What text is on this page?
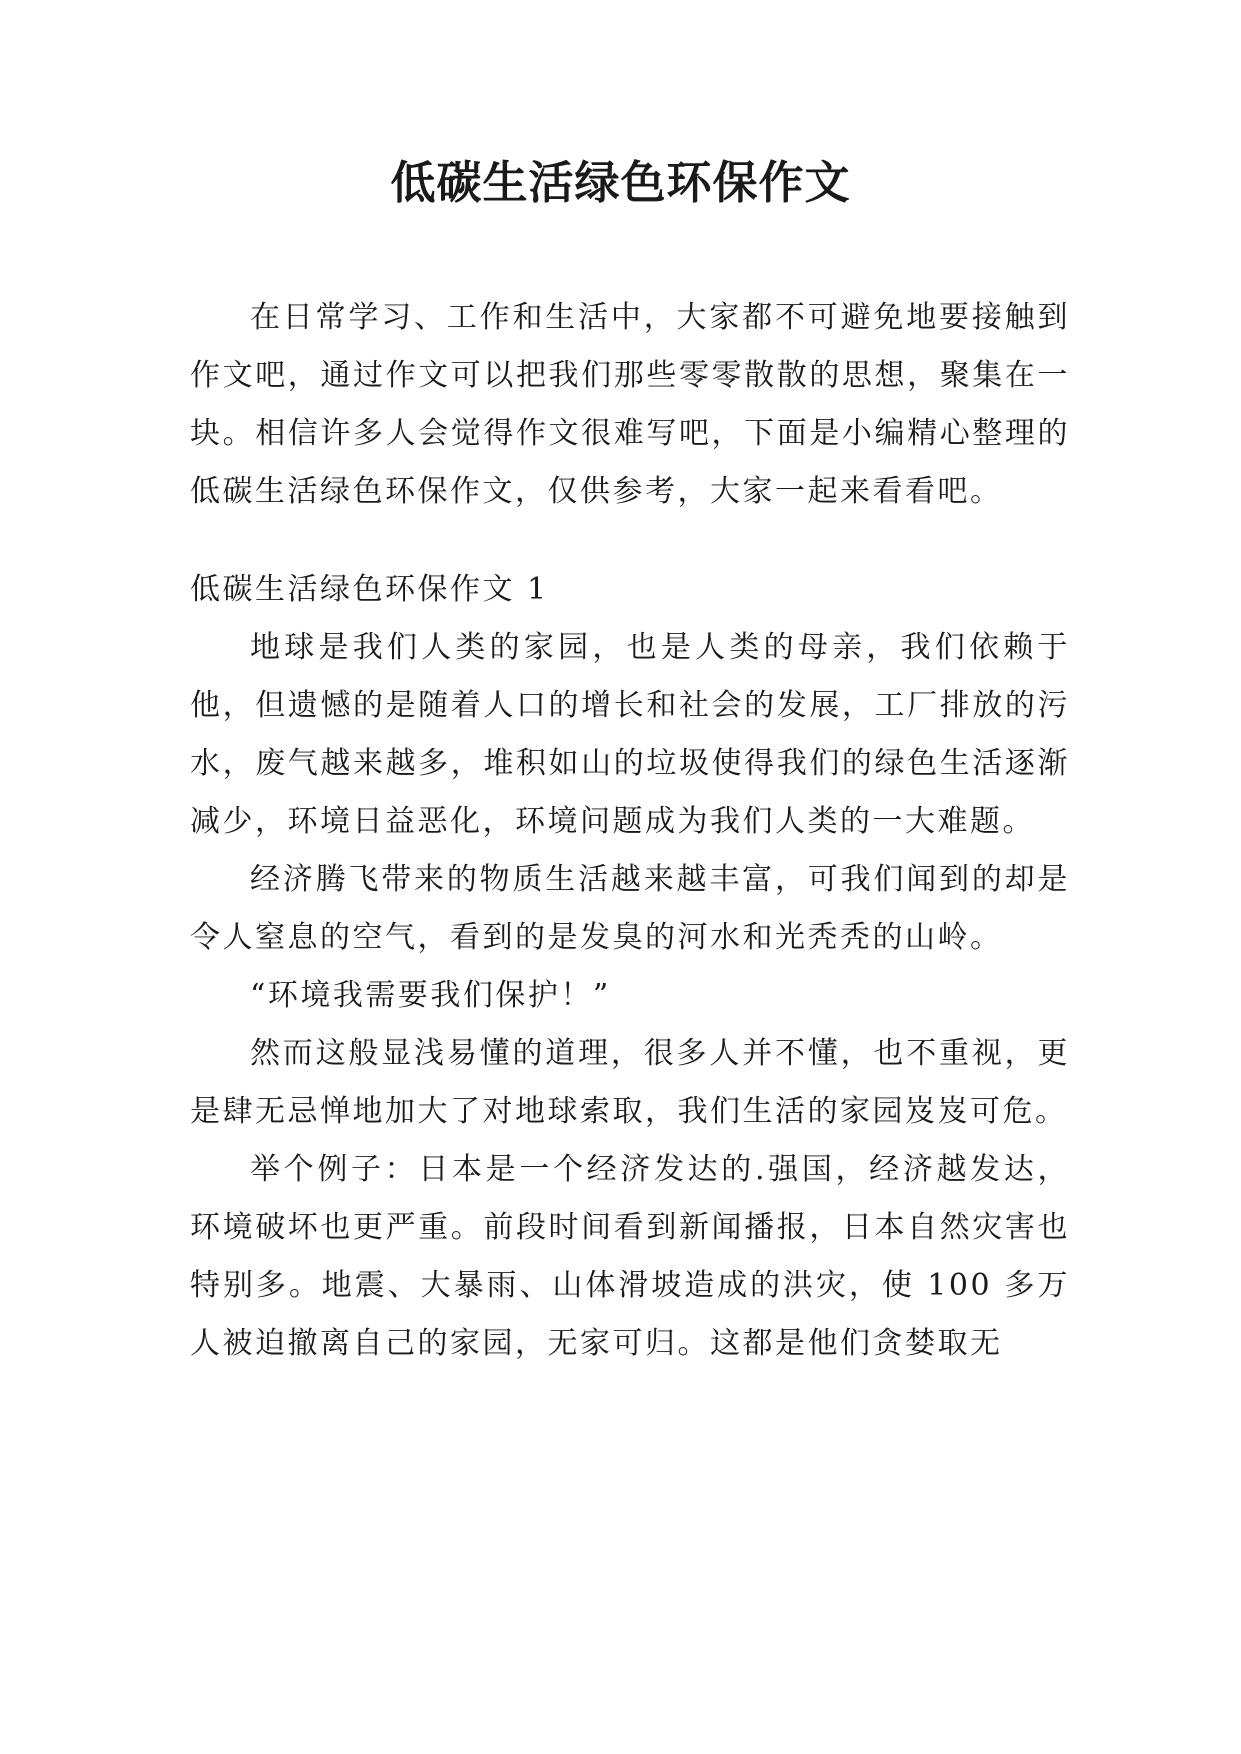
低碳生活绿色环保作文

在日常学习、工作和生活中，大家都不可避免地要接触到作文吧，通过作文可以把我们那些零零散散的思想，聚集在一块。相信许多人会觉得作文很难写吧，下面是小编精心整理的低碳生活绿色环保作文，仅供参考，大家一起来看看吧。

低碳生活绿色环保作文 1

地球是我们人类的家园，也是人类的母亲，我们依赖于他，但遗憾的是随着人口的增长和社会的发展，工厂排放的污水，废气越来越多，堆积如山的垃圾使得我们的绿色生活逐渐减少，环境日益恶化，环境问题成为我们人类的一大难题。

经济腾飞带来的物质生活越来越丰富，可我们闻到的却是令人窒息的空气，看到的是发臭的河水和光秃秃的山岭。

“环境我需要我们保护！”

然而这般显浅易懂的道理，很多人并不懂，也不重视，更是肆无忌惮地加大了对地球索取，我们生活的家园岌岌可危。

举个例子：日本是一个经济发达的.强国，经济越发达，环境破坏也更严重。前段时间看到新闻播报，日本自然灾害也特别多。地震、大暴雨、山体滑坡造成的洪灾，使 100 多万人被迫撤离自己的家园，无家可归。这都是他们贪婪取无
